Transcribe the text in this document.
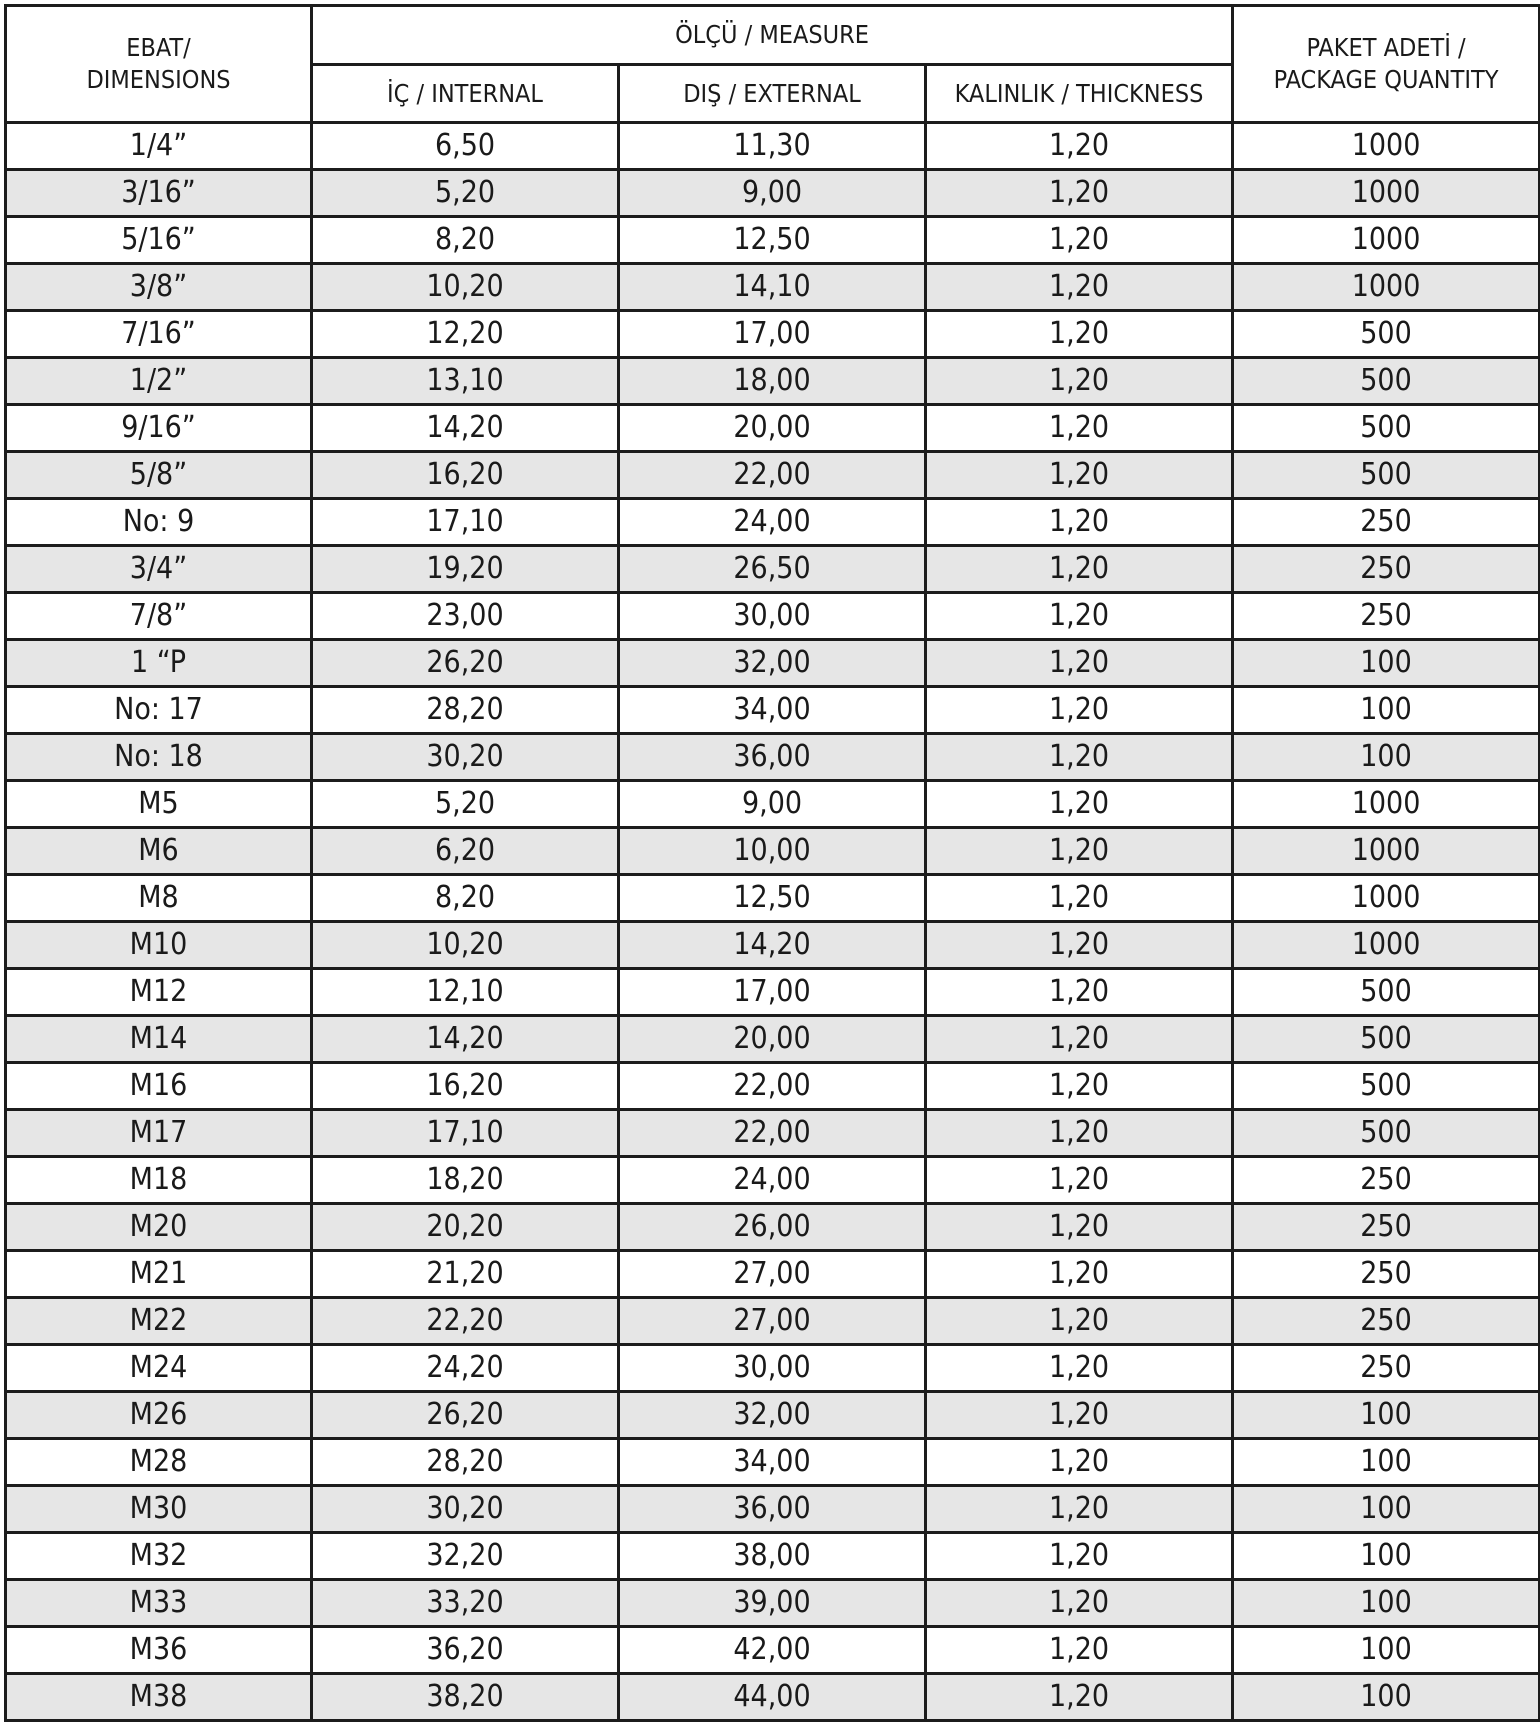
EBAT/
DIMENSIONS	ÖLÇÜ / MEASURE			PAKET ADETİ /
PACKAGE QUANTITY

	İÇ / INTERNAL	DIŞ / EXTERNAL	KALINLIK / THICKNESS	
1/4”	6,50	11,30	1,20	1000
3/16”	5,20	9,00	1,20	1000
5/16”	8,20	12,50	1,20	1000
3/8”	10,20	14,10	1,20	1000
7/16”	12,20	17,00	1,20	500
1/2”	13,10	18,00	1,20	500
9/16”	14,20	20,00	1,20	500
5/8”	16,20	22,00	1,20	500
No: 9	17,10	24,00	1,20	250
3/4”	19,20	26,50	1,20	250
7/8”	23,00	30,00	1,20	250
1 “P	26,20	32,00	1,20	100
No: 17	28,20	34,00	1,20	100
No: 18	30,20	36,00	1,20	100
M5	5,20	9,00	1,20	1000
M6	6,20	10,00	1,20	1000
M8	8,20	12,50	1,20	1000
M10	10,20	14,20	1,20	1000
M12	12,10	17,00	1,20	500
M14	14,20	20,00	1,20	500
M16	16,20	22,00	1,20	500
M17	17,10	22,00	1,20	500
M18	18,20	24,00	1,20	250
M20	20,20	26,00	1,20	250
M21	21,20	27,00	1,20	250
M22	22,20	27,00	1,20	250
M24	24,20	30,00	1,20	250
M26	26,20	32,00	1,20	100
M28	28,20	34,00	1,20	100
M30	30,20	36,00	1,20	100
M32	32,20	38,00	1,20	100
M33	33,20	39,00	1,20	100
M36	36,20	42,00	1,20	100
M38	38,20	44,00	1,20	100
